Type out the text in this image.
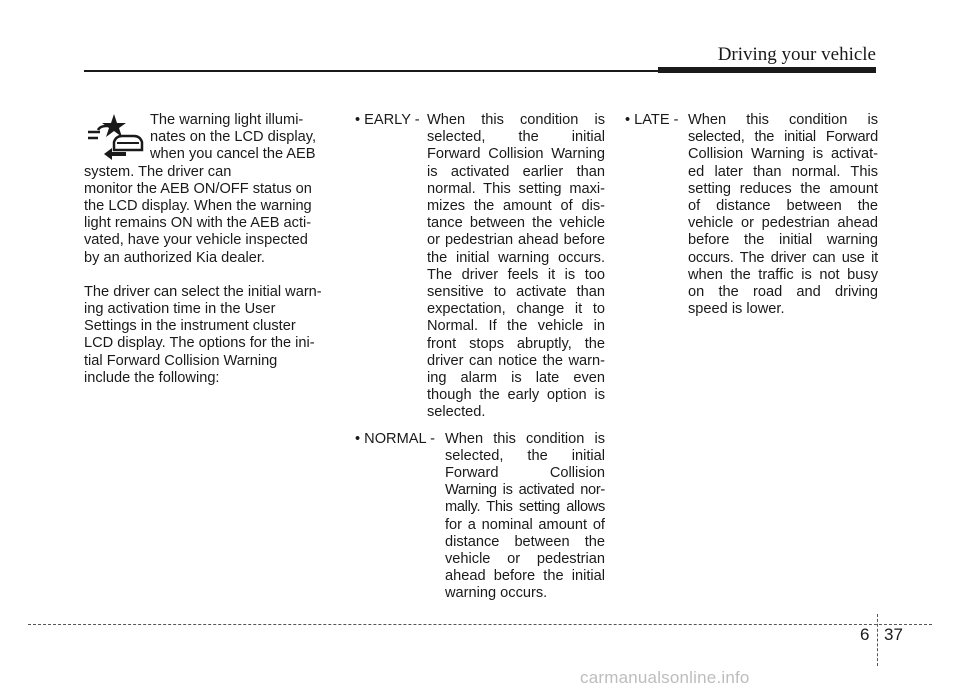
Driving your vehicle

The warning light illumi-

nates on the LCD display,

when you cancel the AEB

system. The driver can

monitor the AEB ON/OFF status on

the LCD display. When the warning

light remains ON with the AEB acti-

vated, have your vehicle inspected

by an authorized Kia dealer.

The driver can select the initial warn-

ing activation time in the User

Settings in the instrument cluster

LCD display. The options for the ini-

tial Forward Collision Warning

include the following:

• EARLY - When this condition is

selected, the initial

Forward Collision Warning

is activated earlier than

normal. This setting maxi-

mizes the amount of dis-

tance between the vehicle

or pedestrian ahead before

the initial warning occurs.

The driver feels it is too

sensitive to activate than

expectation, change it to

Normal. If the vehicle in

front stops abruptly, the

driver can notice the warn-

ing alarm is late even

though the early option is

selected.

• NORMAL - When this condition is

selected, the initial

Forward Collision

Warning is activated nor-

mally. This setting allows

for a nominal amount of

distance between the

vehicle or pedestrian

ahead before the initial

warning occurs.

• LATE - When this condition is

selected, the initial Forward

Collision Warning is activat-

ed later than normal. This

setting reduces the amount

of distance between the

vehicle or pedestrian ahead

before the initial warning

occurs. The driver can use it

when the traffic is not busy

on the road and driving

speed is lower.

6 37
carmanualsonline.info
